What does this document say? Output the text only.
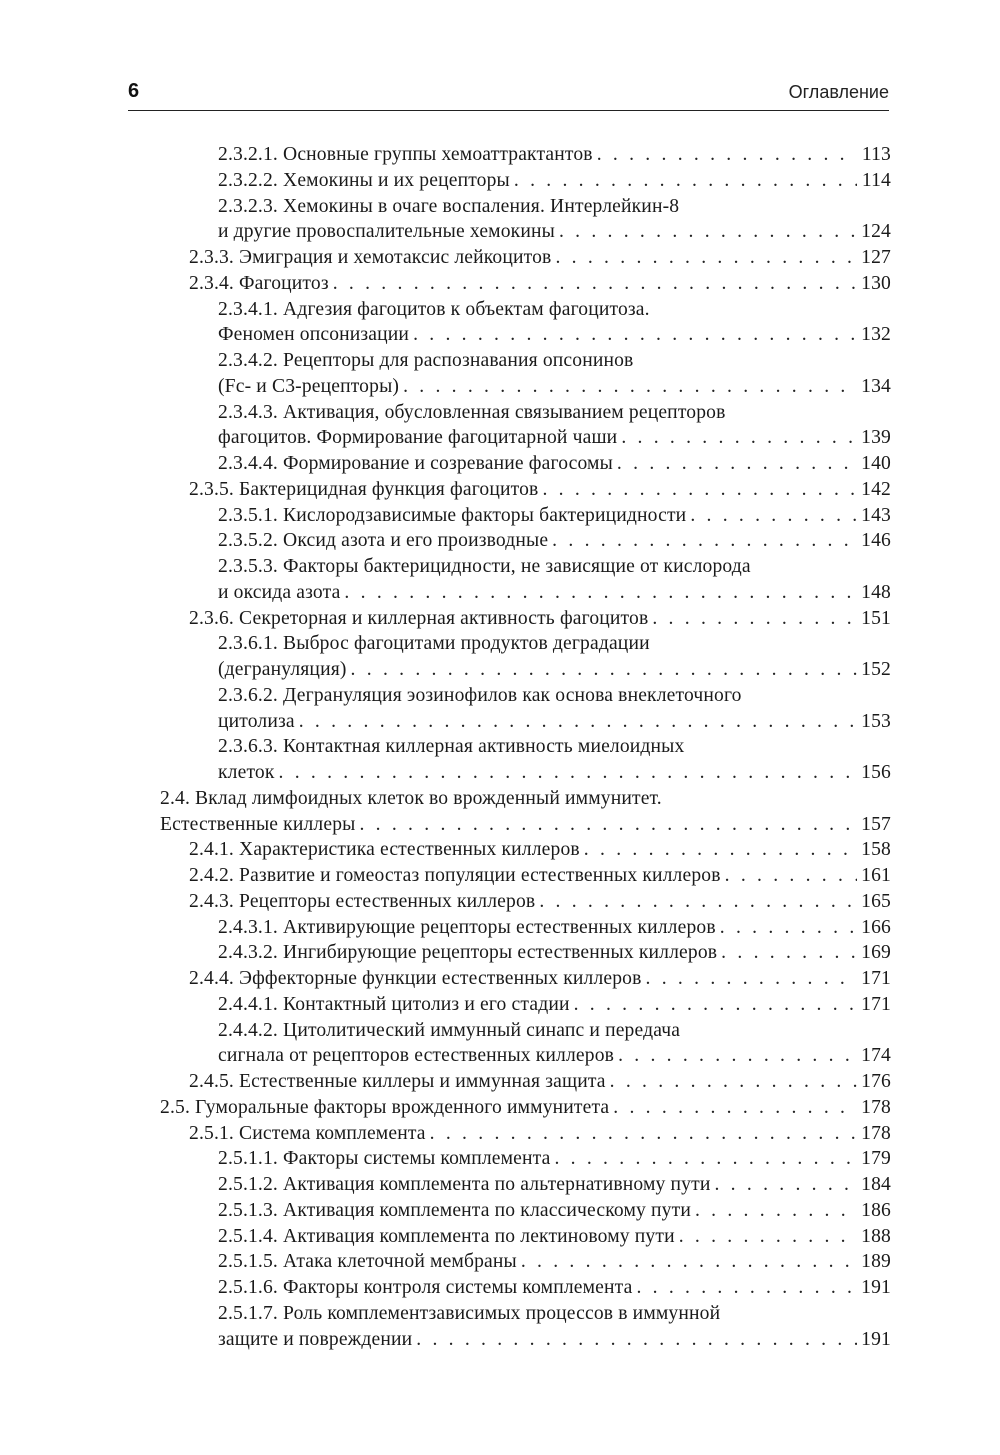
6	Оглавление
2.3.2.1. Основные группы хемоаттрактантов . . .	113
2.3.2.2. Хемокины и их рецепторы . . .	114
2.3.2.3. Хемокины в очаге воспаления. Интерлейкин-8
и другие провоспалительные хемокины . . .	124
2.3.3. Эмиграция и хемотаксис лейкоцитов . . .	127
2.3.4. Фагоцитоз . . .	130
2.3.4.1. Адгезия фагоцитов к объектам фагоцитоза.
Феномен опсонизации . . .	132
2.3.4.2. Рецепторы для распознавания опсонинов
(Fc- и C3-рецепторы) . . .	134
2.3.4.3. Активация, обусловленная связыванием рецепторов
фагоцитов. Формирование фагоцитарной чаши . . .	139
2.3.4.4. Формирование и созревание фагосомы . . .	140
2.3.5. Бактерицидная функция фагоцитов . . .	142
2.3.5.1. Кислородзависимые факторы бактерицидности . . .	143
2.3.5.2. Оксид азота и его производные . . .	146
2.3.5.3. Факторы бактерицидности, не зависящие от кислорода
и оксида азота . . .	148
2.3.6. Секреторная и киллерная активность фагоцитов . . .	151
2.3.6.1. Выброс фагоцитами продуктов деградации
(дегрануляция) . . .	152
2.3.6.2. Дегрануляция эозинофилов как основа внеклеточного
цитолиза . . .	153
2.3.6.3. Контактная киллерная активность миелоидных
клеток . . .	156
2.4. Вклад лимфоидных клеток во врожденный иммунитет.
Естественные киллеры . . .	157
2.4.1. Характеристика естественных киллеров . . .	158
2.4.2. Развитие и гомеостаз популяции естественных киллеров . . .	161
2.4.3. Рецепторы естественных киллеров . . .	165
2.4.3.1. Активирующие рецепторы естественных киллеров . . .	166
2.4.3.2. Ингибирующие рецепторы естественных киллеров . . .	169
2.4.4. Эффекторные функции естественных киллеров . . .	171
2.4.4.1. Контактный цитолиз и его стадии . . .	171
2.4.4.2. Цитолитический иммунный синапс и передача
сигнала от рецепторов естественных киллеров . . .	174
2.4.5. Естественные киллеры и иммунная защита . . .	176
2.5. Гуморальные факторы врожденного иммунитета . . .	178
2.5.1. Система комплемента . . .	178
2.5.1.1. Факторы системы комплемента . . .	179
2.5.1.2. Активация комплемента по альтернативному пути . . .	184
2.5.1.3. Активация комплемента по классическому пути . . .	186
2.5.1.4. Активация комплемента по лектиновому пути . . .	188
2.5.1.5. Атака клеточной мембраны . . .	189
2.5.1.6. Факторы контроля системы комплемента . . .	191
2.5.1.7. Роль комплементзависимых процессов в иммунной
защите и повреждении . . .	191
